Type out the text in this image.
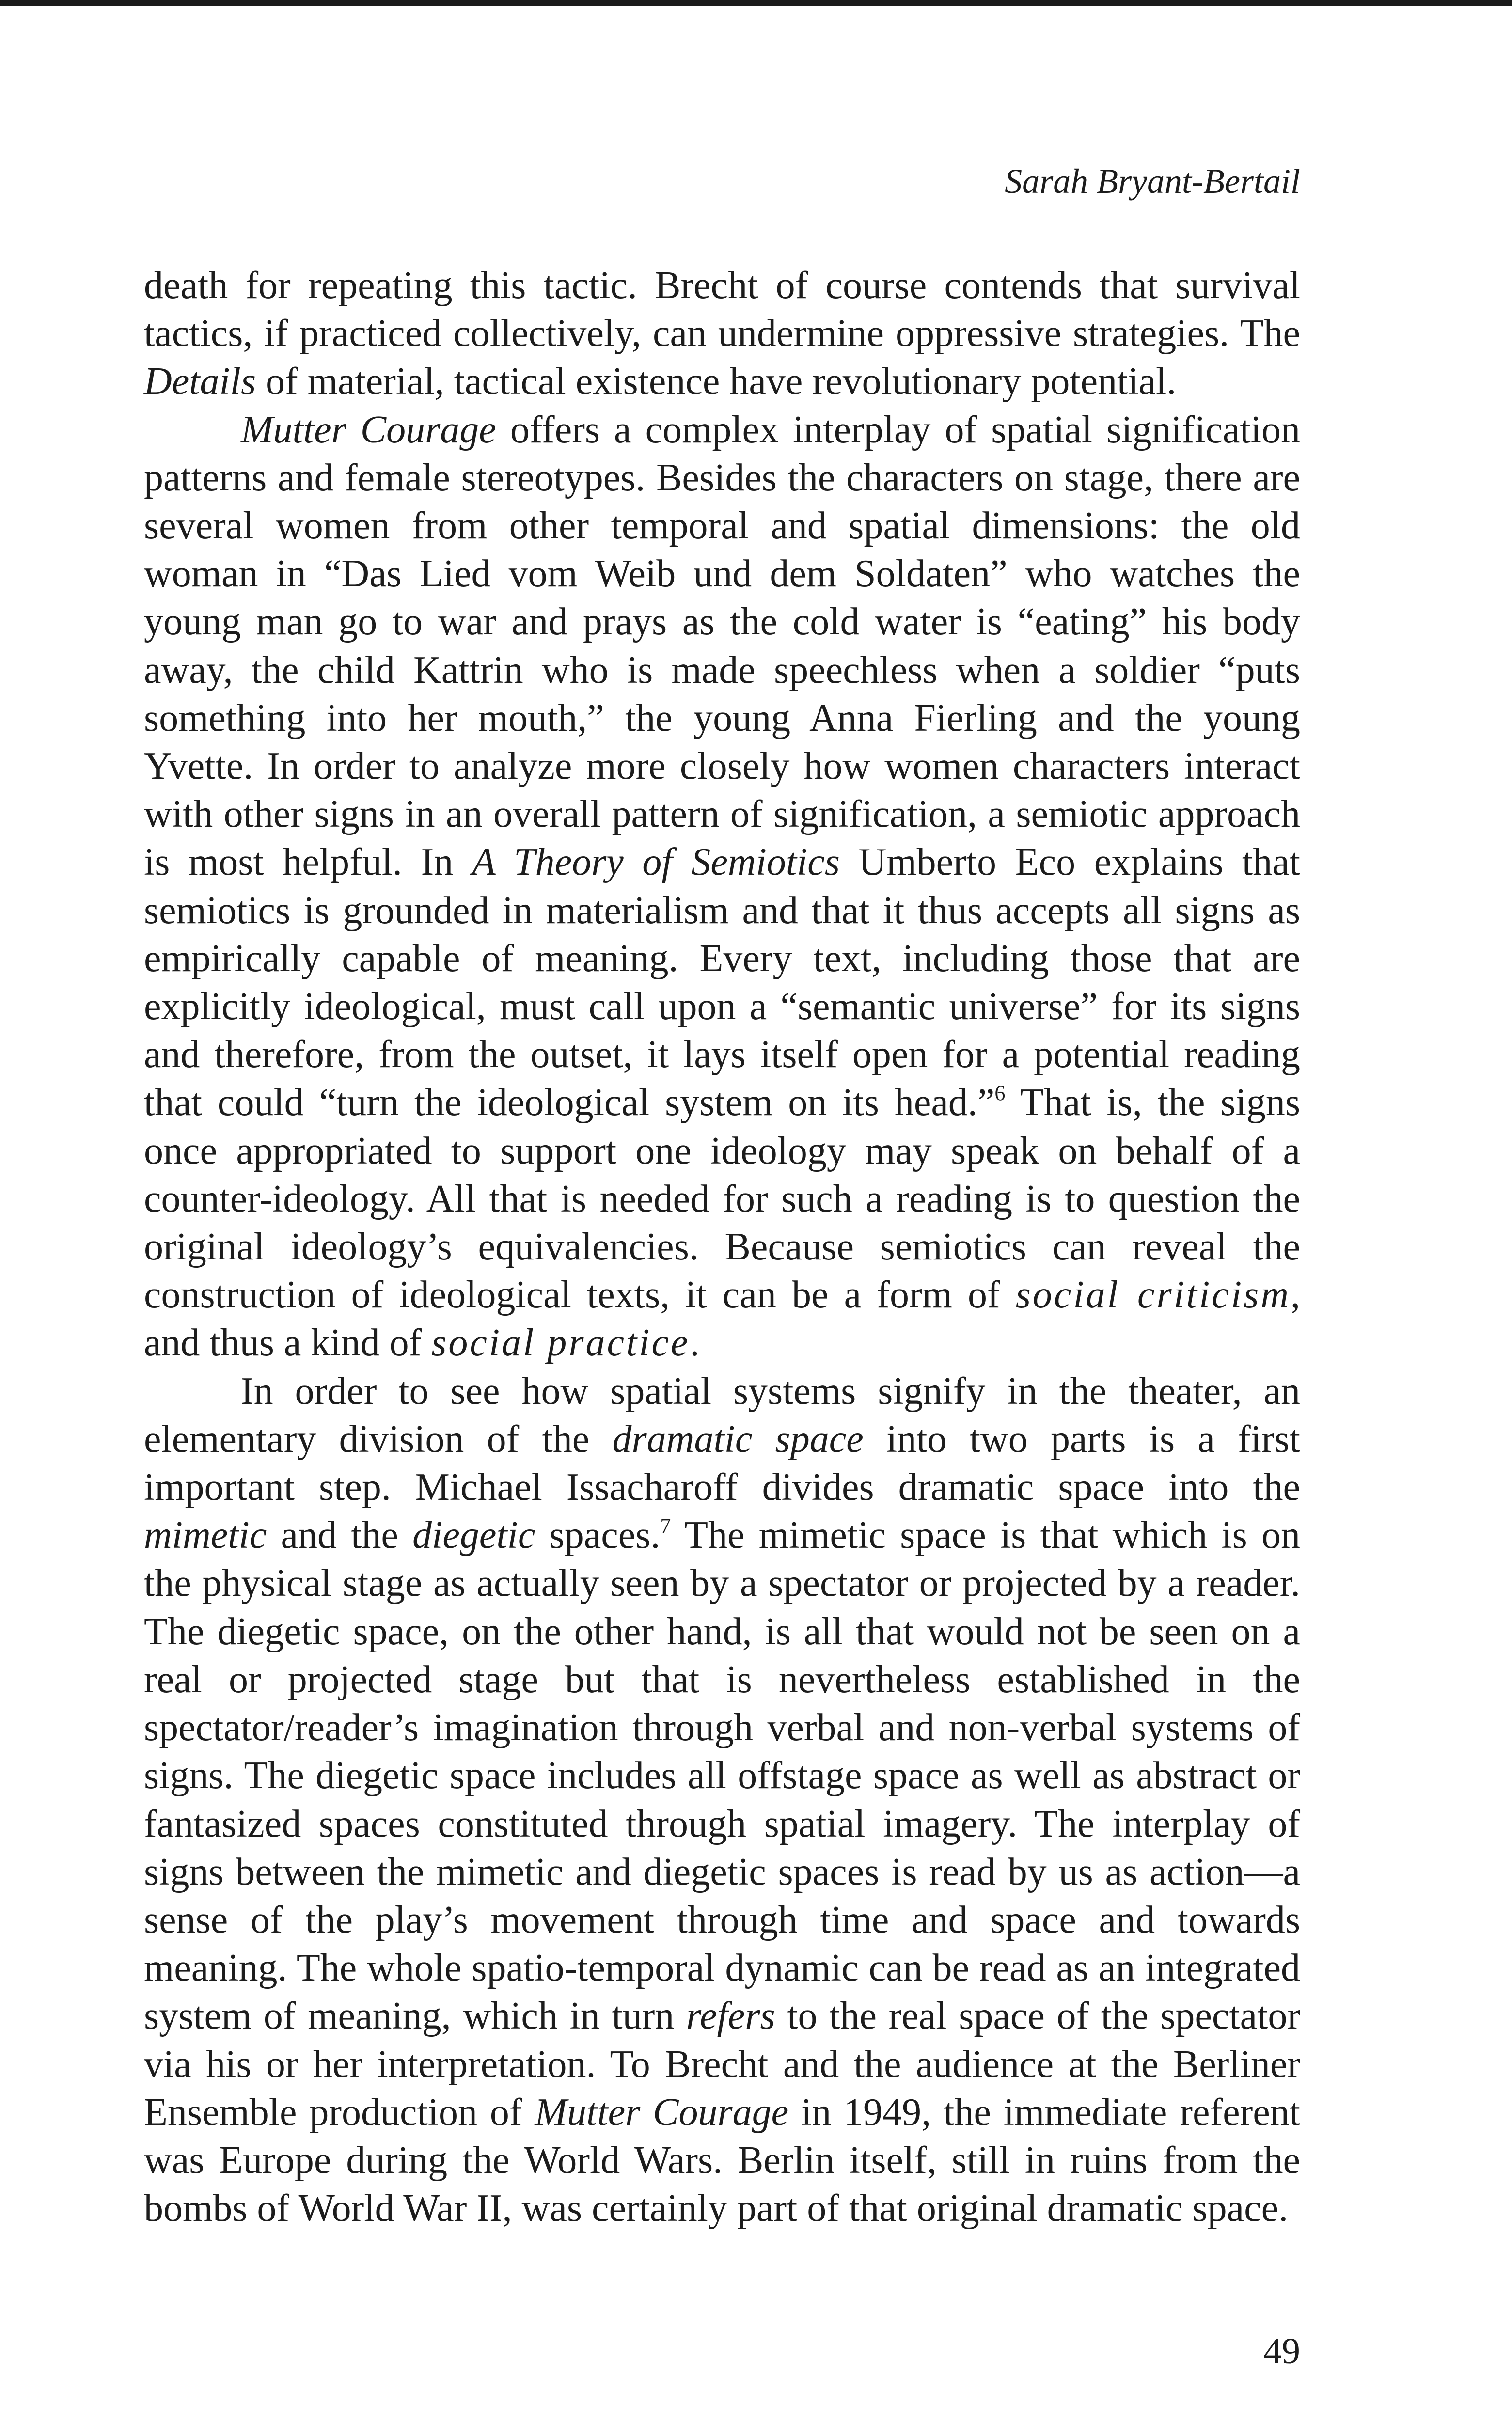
Sarah Bryant-Bertail

death for repeating this tactic. Brecht of course contends that survival tactics, if practiced collectively, can undermine oppressive strategies. The Details of material, tactical existence have revolutionary potential.

Mutter Courage offers a complex interplay of spatial signification patterns and female stereotypes. Besides the characters on stage, there are several women from other temporal and spatial dimensions: the old woman in “Das Lied vom Weib und dem Soldaten” who watches the young man go to war and prays as the cold water is “eating” his body away, the child Kattrin who is made speechless when a soldier “puts something into her mouth,” the young Anna Fierling and the young Yvette. In order to analyze more closely how women characters interact with other signs in an overall pattern of signification, a semiotic approach is most helpful. In A Theory of Semiotics Umberto Eco explains that semiotics is grounded in materialism and that it thus accepts all signs as empirically capable of meaning. Every text, including those that are explicitly ideological, must call upon a “semantic universe” for its signs and therefore, from the outset, it lays itself open for a potential reading that could “turn the ideological system on its head.”$^6$ That is, the signs once appropriated to support one ideology may speak on behalf of a counter-ideology. All that is needed for such a reading is to question the original ideology’s equivalencies. Because semiotics can reveal the construction of ideological texts, it can be a form of social criticism, and thus a kind of social practice.

In order to see how spatial systems signify in the theater, an elementary division of the dramatic space into two parts is a first important step. Michael Issacharoff divides dramatic space into the mimetic and the diegetic spaces.$^7$ The mimetic space is that which is on the physical stage as actually seen by a spectator or projected by a reader. The diegetic space, on the other hand, is all that would not be seen on a real or projected stage but that is nevertheless established in the spectator/reader’s imagination through verbal and non-verbal systems of signs. The diegetic space includes all offstage space as well as abstract or fantasized spaces constituted through spatial imagery. The interplay of signs between the mimetic and diegetic spaces is read by us as action—a sense of the play’s movement through time and space and towards meaning. The whole spatio-temporal dynamic can be read as an integrated system of meaning, which in turn refers to the real space of the spectator via his or her interpretation. To Brecht and the audience at the Berliner Ensemble production of Mutter Courage in 1949, the immediate referent was Europe during the World Wars. Berlin itself, still in ruins from the bombs of World War II, was certainly part of that original dramatic space.

49
